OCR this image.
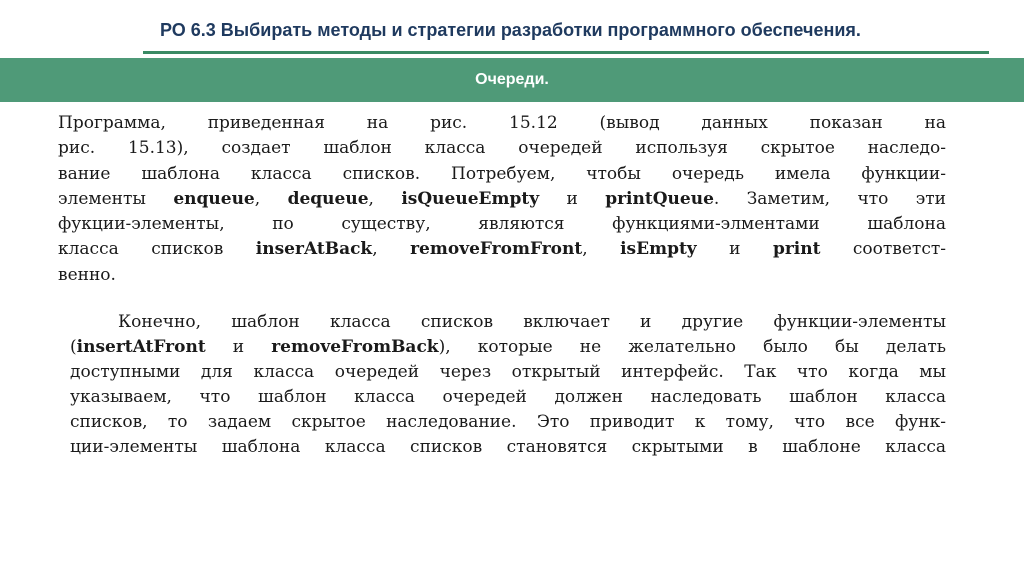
РО 6.3 Выбирать методы и стратегии разработки программного обеспечения.
Очереди.
Программа, приведенная на рис. 15.12 (вывод данных показан на
рис. 15.13), создает шаблон класса очередей используя скрытое наследо-
вание шаблона класса списков. Потребуем, чтобы очередь имела функции-
элементы enqueue, dequeue, isQueueEmpty и printQueue. Заметим, что эти
фукции-элементы, по существу, являются функциями-элментами шаблона
класса списков inserAtBack, removeFromFront, isEmpty и print соответст-
венно.
Конечно, шаблон класса списков включает и другие функции-элементы
(insertAtFront и removeFromBack), которые не желательно было бы делать
доступными для класса очередей через открытый интерфейс. Так что когда мы
указываем, что шаблон класса очередей должен наследовать шаблон класса
списков, то задаем скрытое наследование. Это приводит к тому, что все функ-
ции-элементы шаблона класса списков становятся скрытыми в шаблоне класса
